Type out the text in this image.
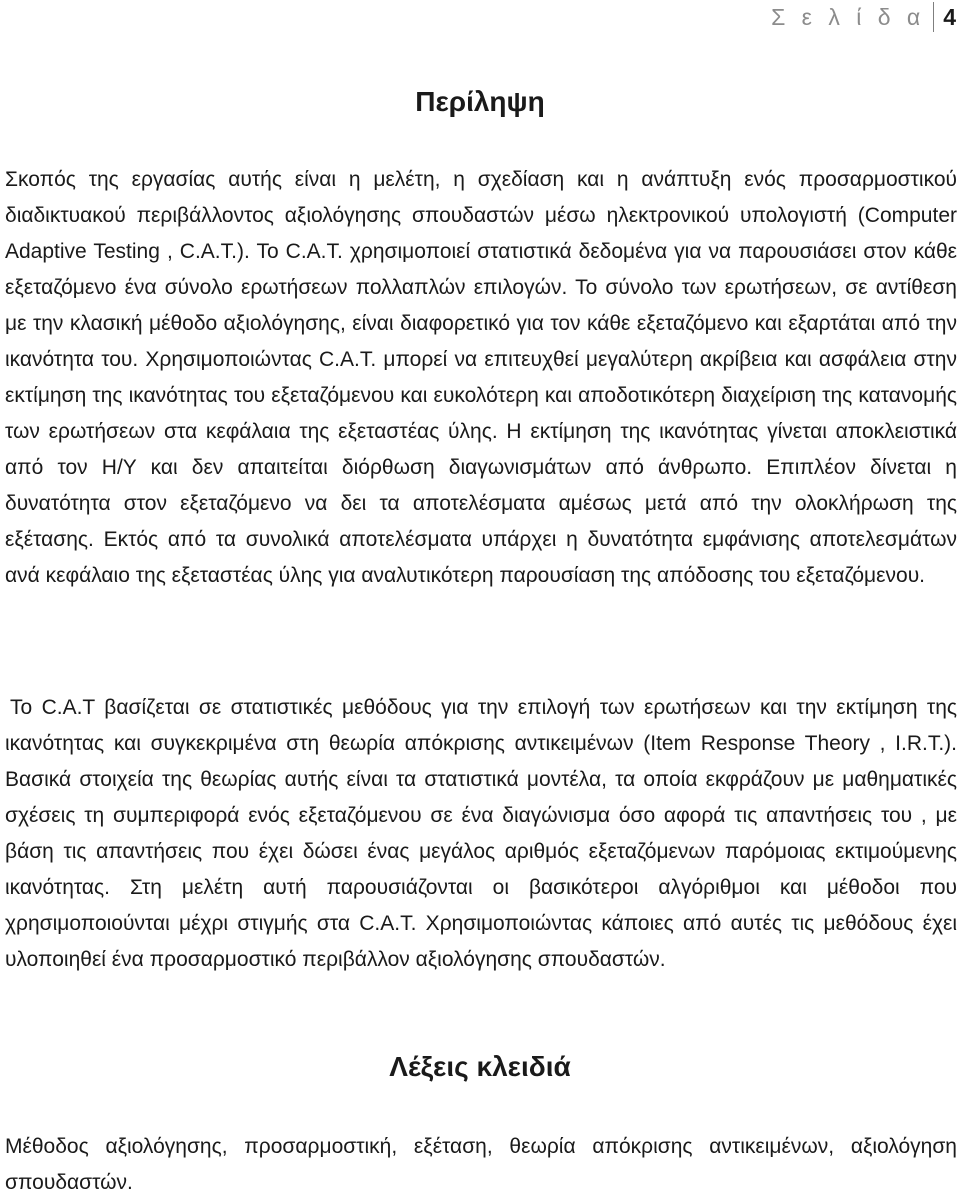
Σ ε λ ί δ α 4
Περίληψη

Σκοπός της εργασίας αυτής είναι η μελέτη, η σχεδίαση και η ανάπτυξη ενός προσαρμοστικού διαδικτυακού περιβάλλοντος αξιολόγησης σπουδαστών μέσω ηλεκτρονικού υπολογιστή (Computer Adaptive Testing , C.A.T.). Το C.A.T. χρησιμοποιεί στατιστικά δεδομένα για να παρουσιάσει στον κάθε εξεταζόμενο ένα σύνολο ερωτήσεων πολλαπλών επιλογών. Το σύνολο των ερωτήσεων, σε αντίθεση με την κλασική μέθοδο αξιολόγησης, είναι διαφορετικό για τον κάθε εξεταζόμενο και εξαρτάται από την ικανότητα του. Χρησιμοποιώντας C.A.T. μπορεί να επιτευχθεί μεγαλύτερη ακρίβεια και ασφάλεια στην εκτίμηση της ικανότητας του εξεταζόμενου και ευκολότερη και αποδοτικότερη διαχείριση της κατανομής των ερωτήσεων στα κεφάλαια της εξεταστέας ύλης. Η εκτίμηση της ικανότητας γίνεται αποκλειστικά από τον Η/Υ και δεν απαιτείται διόρθωση διαγωνισμάτων από άνθρωπο. Επιπλέον δίνεται η δυνατότητα στον εξεταζόμενο να δει τα αποτελέσματα αμέσως μετά από την ολοκλήρωση της εξέτασης. Εκτός από τα συνολικά αποτελέσματα υπάρχει η δυνατότητα εμφάνισης αποτελεσμάτων ανά κεφάλαιο της εξεταστέας ύλης για αναλυτικότερη παρουσίαση της απόδοσης του εξεταζόμενου.

Το C.A.T βασίζεται σε στατιστικές μεθόδους για την επιλογή των ερωτήσεων και την εκτίμηση της ικανότητας και συγκεκριμένα στη θεωρία απόκρισης αντικειμένων (Item Response Theory , I.R.T.). Βασικά στοιχεία της θεωρίας αυτής είναι τα στατιστικά μοντέλα, τα οποία εκφράζουν με μαθηματικές σχέσεις τη συμπεριφορά ενός εξεταζόμενου σε ένα διαγώνισμα όσο αφορά τις απαντήσεις του , με βάση τις απαντήσεις που έχει δώσει ένας μεγάλος αριθμός εξεταζόμενων παρόμοιας εκτιμούμενης ικανότητας. Στη μελέτη αυτή παρουσιάζονται οι βασικότεροι αλγόριθμοι και μέθοδοι που χρησιμοποιούνται μέχρι στιγμής στα C.A.T. Χρησιμοποιώντας κάποιες από αυτές τις μεθόδους έχει υλοποιηθεί ένα προσαρμοστικό περιβάλλον αξιολόγησης σπουδαστών.

Λέξεις κλειδιά

Μέθοδος αξιολόγησης, προσαρμοστική, εξέταση, θεωρία απόκρισης αντικειμένων, αξιολόγηση σπουδαστών.
